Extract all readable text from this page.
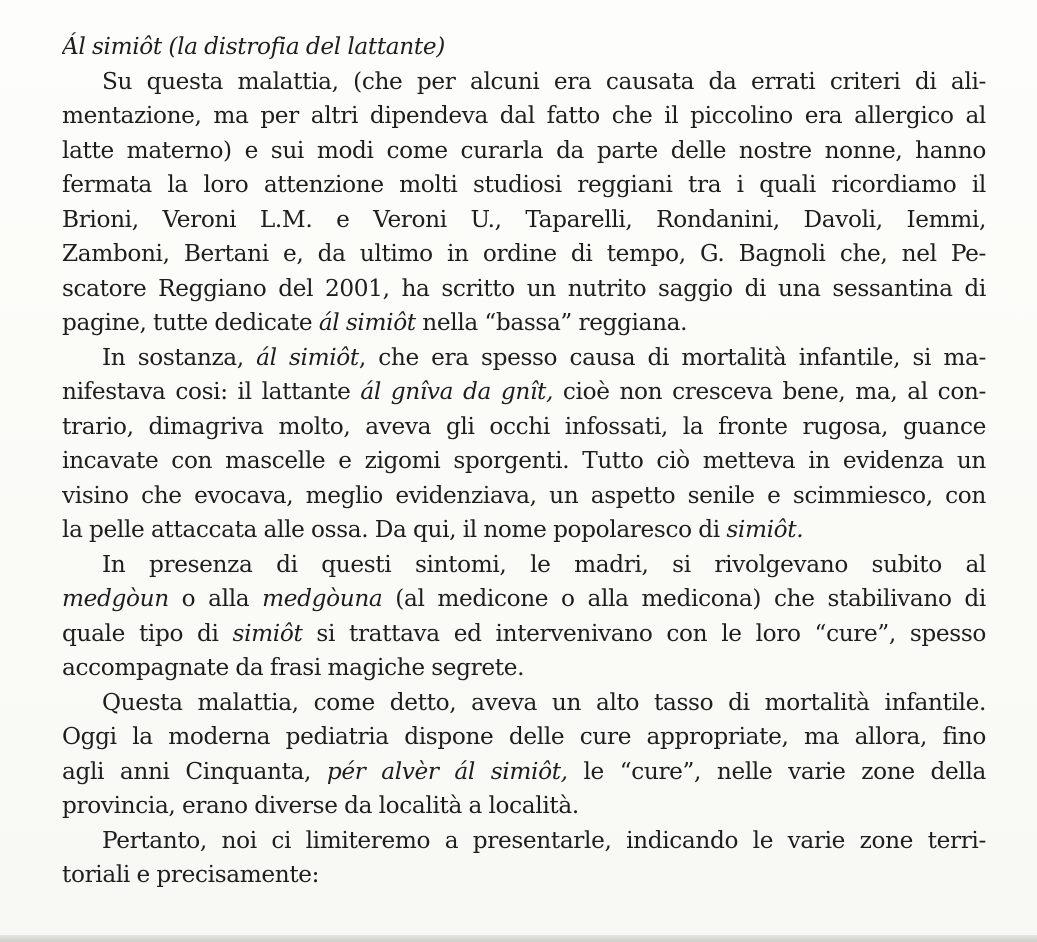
Ál simiôt (la distrofia del lattante)
Su questa malattia, (che per alcuni era causata da errati criteri di ali-
mentazione, ma per altri dipendeva dal fatto che il piccolino era allergico al
latte materno) e sui modi come curarla da parte delle nostre nonne, hanno
fermata la loro attenzione molti studiosi reggiani tra i quali ricordiamo il
Brioni, Veroni L.M. e Veroni U., Taparelli, Rondanini, Davoli, Iemmi,
Zamboni, Bertani e, da ultimo in ordine di tempo, G. Bagnoli che, nel Pe-
scatore Reggiano del 2001, ha scritto un nutrito saggio di una sessantina di
pagine, tutte dedicate ál simiôt nella “bassa” reggiana.
In sostanza, ál simiôt, che era spesso causa di mortalità infantile, si ma-
nifestava cosi: il lattante ál gnîva da gnît, cioè non cresceva bene, ma, al con-
trario, dimagriva molto, aveva gli occhi infossati, la fronte rugosa, guance
incavate con mascelle e zigomi sporgenti. Tutto ciò metteva in evidenza un
visino che evocava, meglio evidenziava, un aspetto senile e scimmiesco, con
la pelle attaccata alle ossa. Da qui, il nome popolaresco di simiôt.
In presenza di questi sintomi, le madri, si rivolgevano subito al
medgòun o alla medgòuna (al medicone o alla medicona) che stabilivano di
quale tipo di simiôt si trattava ed intervenivano con le loro “cure”, spesso
accompagnate da frasi magiche segrete.
Questa malattia, come detto, aveva un alto tasso di mortalità infantile.
Oggi la moderna pediatria dispone delle cure appropriate, ma allora, fino
agli anni Cinquanta, pér alvèr ál simiôt, le “cure”, nelle varie zone della
provincia, erano diverse da località a località.
Pertanto, noi ci limiteremo a presentarle, indicando le varie zone terri-
toriali e precisamente:
